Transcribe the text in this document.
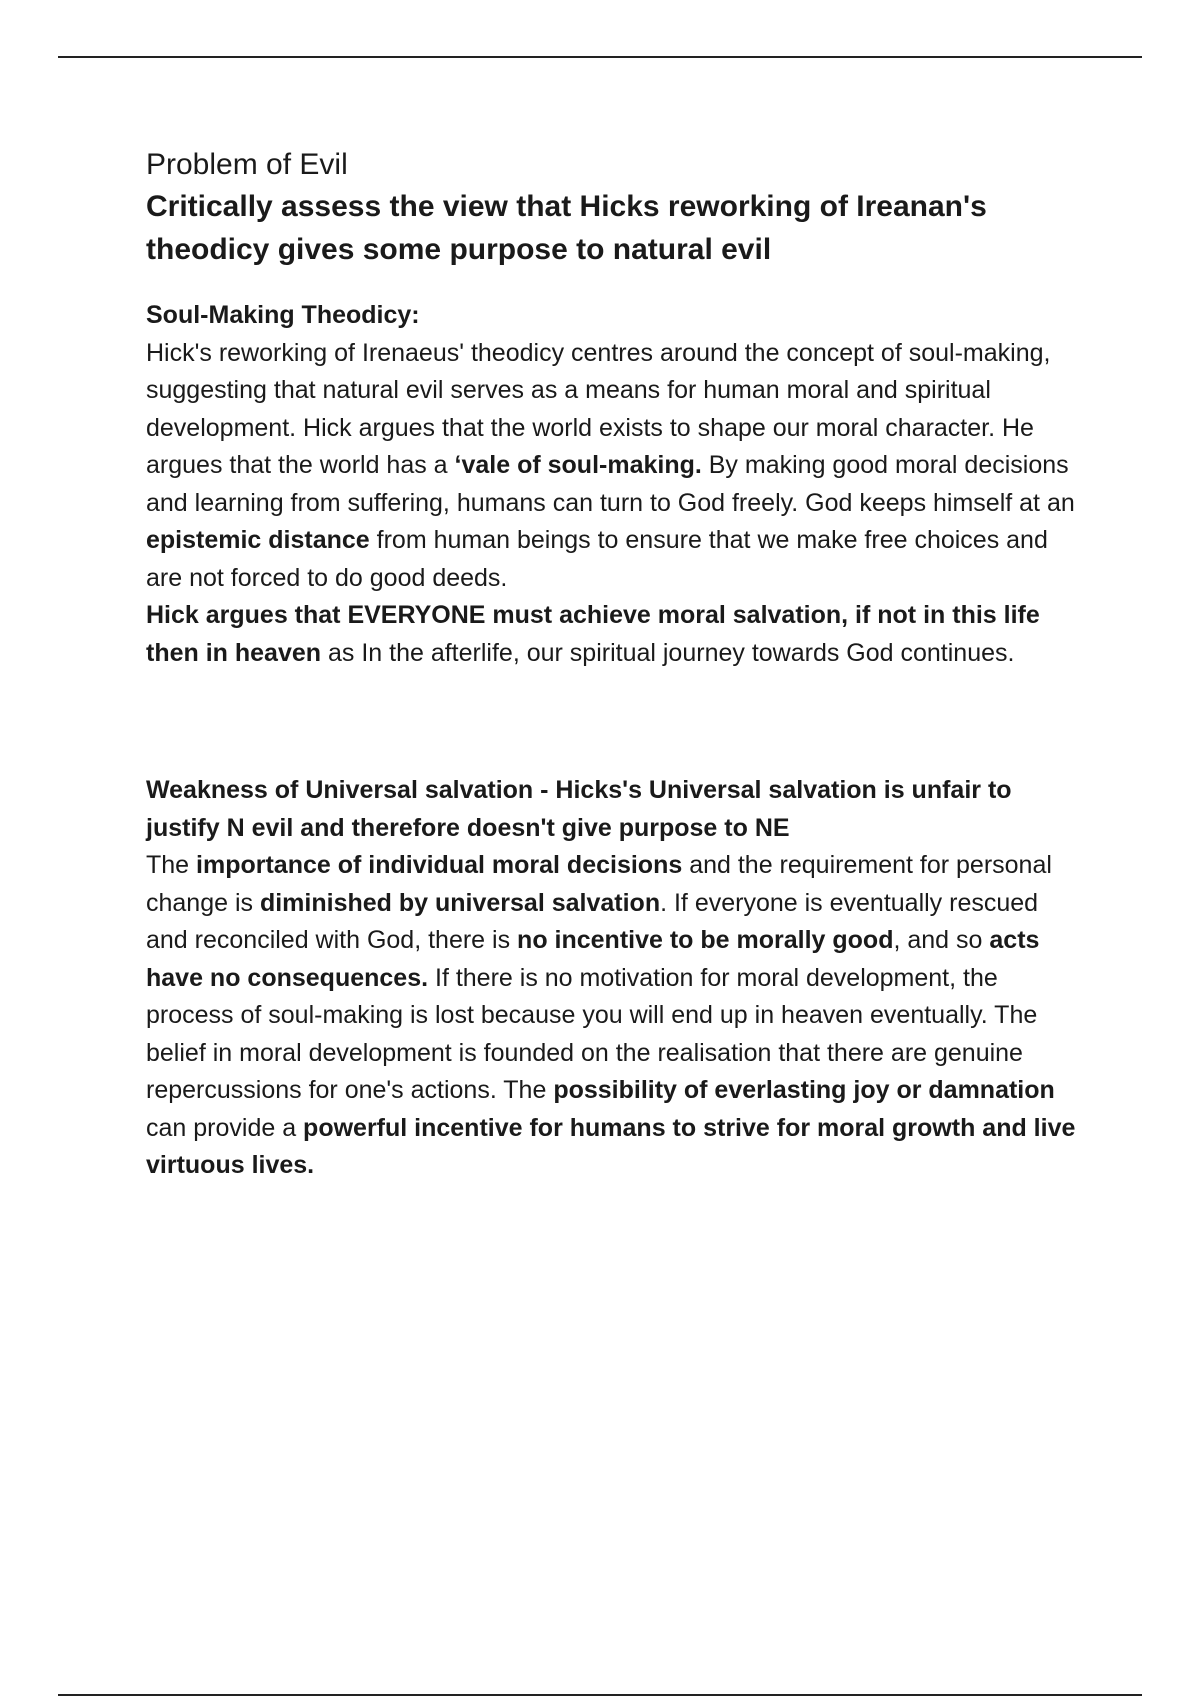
Problem of Evil
Critically assess the view that Hicks reworking of Ireanan's theodicy gives some purpose to natural evil
Soul-Making Theodicy:

Hick's reworking of Irenaeus' theodicy centres around the concept of soul-making, suggesting that natural evil serves as a means for human moral and spiritual development. Hick argues that the world exists to shape our moral character. He argues that the world has a ‘vale of soul-making. By making good moral decisions and learning from suffering, humans can turn to God freely. God keeps himself at an epistemic distance from human beings to ensure that we make free choices and are not forced to do good deeds.

Hick argues that EVERYONE must achieve moral salvation, if not in this life then in heaven as In the afterlife, our spiritual journey towards God continues.

Weakness of Universal salvation - Hicks's Universal salvation is unfair to justify N evil and therefore doesn't give purpose to NE

The importance of individual moral decisions and the requirement for personal change is diminished by universal salvation. If everyone is eventually rescued and reconciled with God, there is no incentive to be morally good, and so acts have no consequences. If there is no motivation for moral development, the process of soul-making is lost because you will end up in heaven eventually. The belief in moral development is founded on the realisation that there are genuine repercussions for one's actions. The possibility of everlasting joy or damnation can provide a powerful incentive for humans to strive for moral growth and live virtuous lives.
